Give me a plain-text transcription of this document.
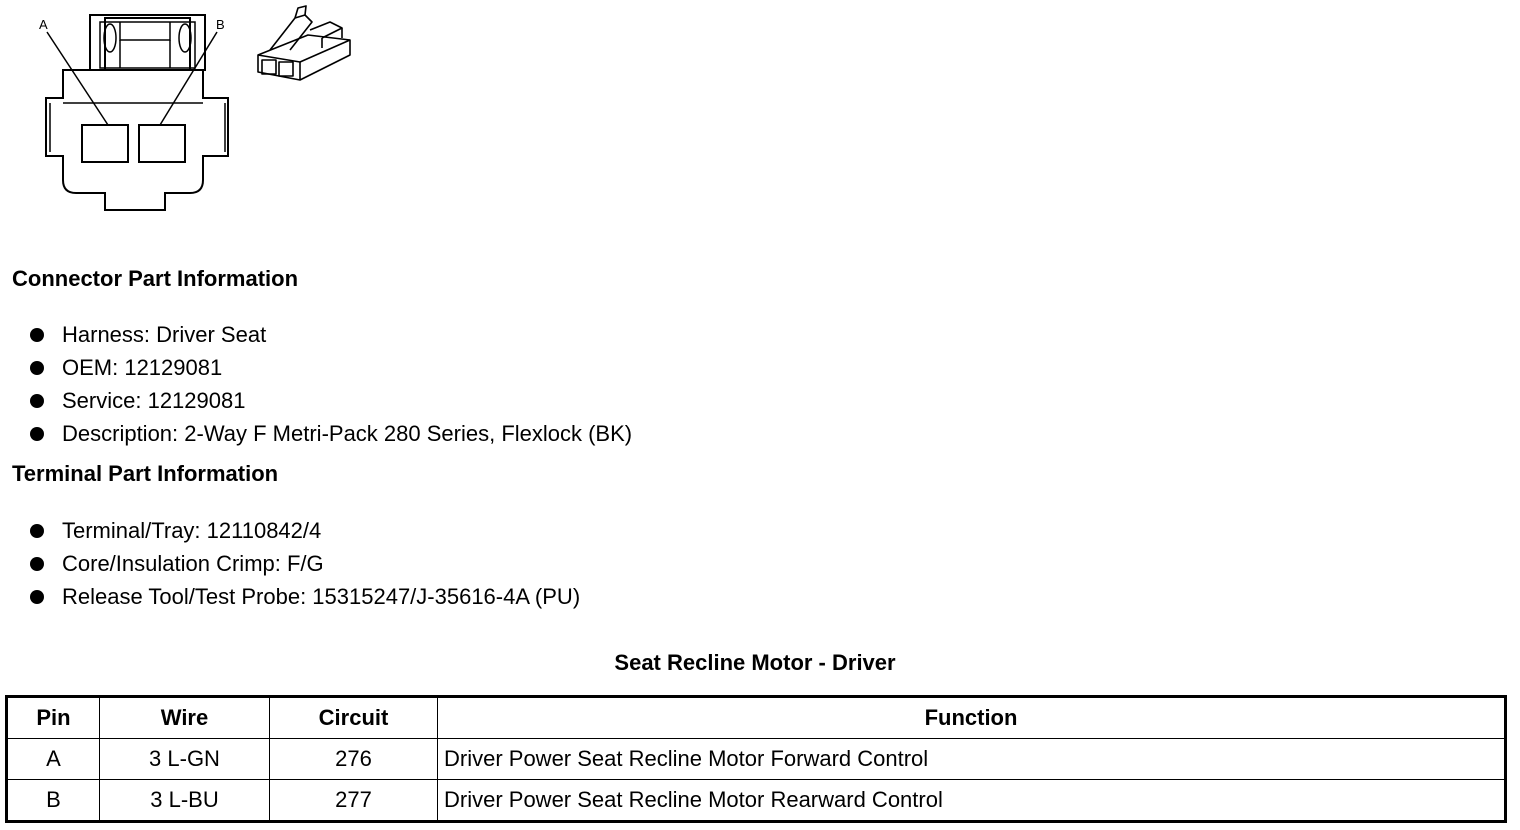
A	B
Connector Part Information
Harness: Driver Seat
OEM: 12129081
Service: 12129081
Description: 2-Way F Metri-Pack 280 Series, Flexlock (BK)
Terminal Part Information
Terminal/Tray: 12110842/4
Core/Insulation Crimp: F/G
Release Tool/Test Probe: 15315247/J-35616-4A (PU)
Seat Recline Motor - Driver
Pin	Wire	Circuit	Function
A	3 L-GN	276	Driver Power Seat Recline Motor Forward Control
B	3 L-BU	277	Driver Power Seat Recline Motor Rearward Control
